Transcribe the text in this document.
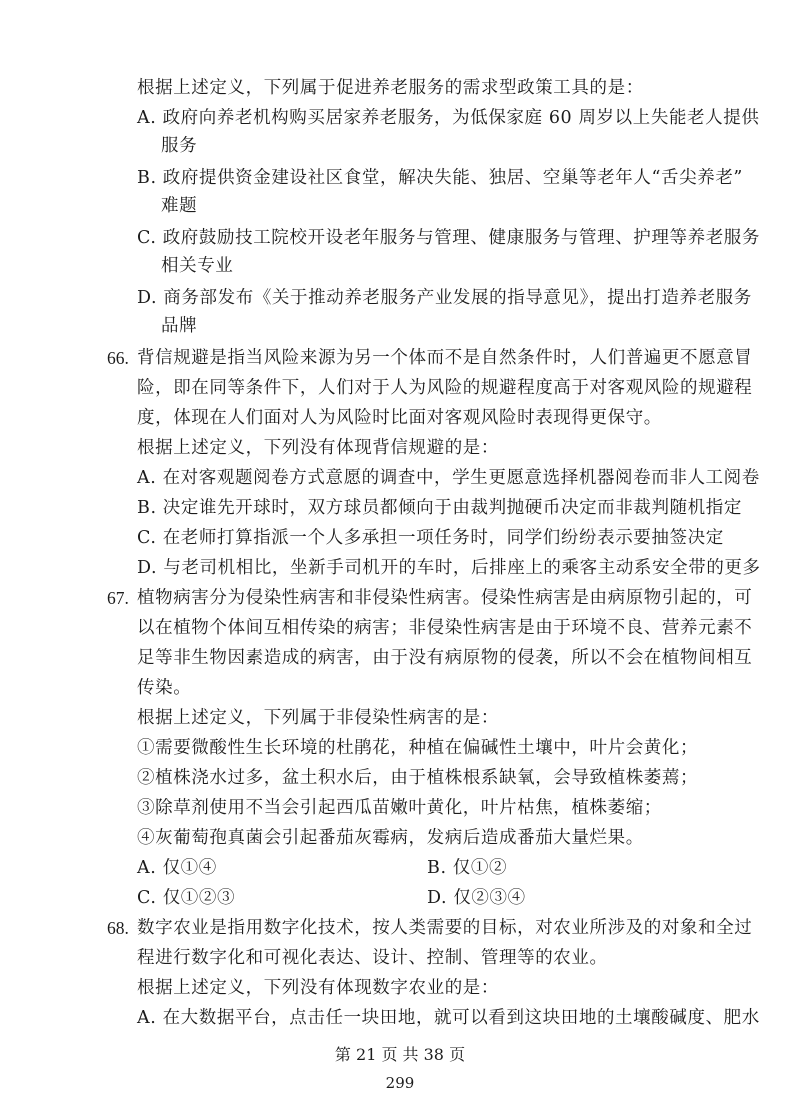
根据上述定义，下列属于促进养老服务的需求型政策工具的是：
A. 政府向养老机构购买居家养老服务，为低保家庭 60 周岁以上失能老人提供
服务
B. 政府提供资金建设社区食堂，解决失能、独居、空巢等老年人“舌尖养老”
难题
C. 政府鼓励技工院校开设老年服务与管理、健康服务与管理、护理等养老服务
相关专业
D. 商务部发布《关于推动养老服务产业发展的指导意见》，提出打造养老服务
品牌
66. 背信规避是指当风险来源为另一个体而不是自然条件时，人们普遍更不愿意冒
险，即在同等条件下，人们对于人为风险的规避程度高于对客观风险的规避程
度，体现在人们面对人为风险时比面对客观风险时表现得更保守。
根据上述定义，下列没有体现背信规避的是：
A. 在对客观题阅卷方式意愿的调查中，学生更愿意选择机器阅卷而非人工阅卷
B. 决定谁先开球时，双方球员都倾向于由裁判抛硬币决定而非裁判随机指定
C. 在老师打算指派一个人多承担一项任务时，同学们纷纷表示要抽签决定
D. 与老司机相比，坐新手司机开的车时，后排座上的乘客主动系安全带的更多
67. 植物病害分为侵染性病害和非侵染性病害。侵染性病害是由病原物引起的，可
以在植物个体间互相传染的病害；非侵染性病害是由于环境不良、营养元素不
足等非生物因素造成的病害，由于没有病原物的侵袭，所以不会在植物间相互
传染。
根据上述定义，下列属于非侵染性病害的是：
①需要微酸性生长环境的杜鹃花，种植在偏碱性土壤中，叶片会黄化；
②植株浇水过多，盆土积水后，由于植株根系缺氧，会导致植株萎蔫；
③除草剂使用不当会引起西瓜苗嫩叶黄化，叶片枯焦，植株萎缩；
④灰葡萄孢真菌会引起番茄灰霉病，发病后造成番茄大量烂果。
A. 仅①④	B. 仅①②
C. 仅①②③	D. 仅②③④
68. 数字农业是指用数字化技术，按人类需要的目标，对农业所涉及的对象和全过
程进行数字化和可视化表达、设计、控制、管理等的农业。
根据上述定义，下列没有体现数字农业的是：
A. 在大数据平台，点击任一块田地，就可以看到这块田地的土壤酸碱度、肥水
第 21 页 共 38 页
299
